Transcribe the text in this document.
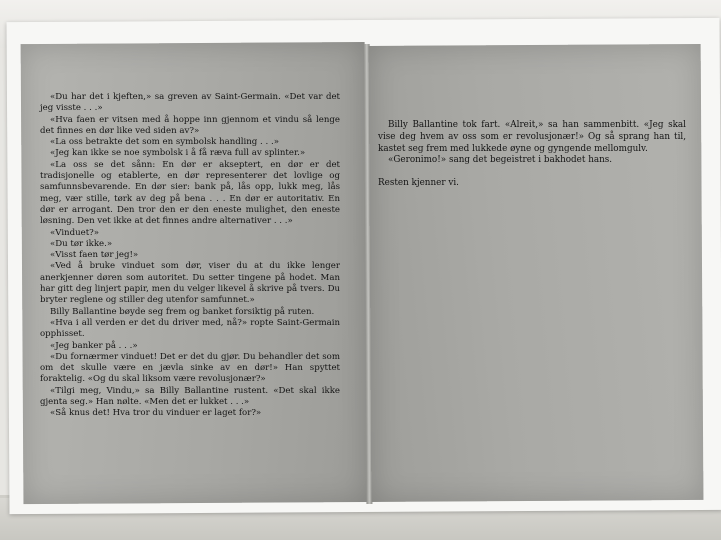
«Du har det i kjeften,» sa greven av Saint-Germain. «Det var det jeg visste . . .»

«Hva faen er vitsen med å hoppe inn gjennom et vindu så lenge det finnes en dør like ved siden av?»

«La oss betrakte det som en symbolsk handling . . .»

«Jeg kan ikke se noe symbolsk i å få ræva full av splinter.»

«La oss se det sånn: En dør er akseptert, en dør er det tradisjonelle og etablerte, en dør representerer det lovlige og samfunnsbevarende. En dør sier: bank på, lås opp, lukk meg, lås meg, vær stille, tørk av deg på bena . . . En dør er autoritativ. En dør er arrogant. Den tror den er den eneste mulighet, den eneste løsning. Den vet ikke at det finnes andre alternativer . . .»

«Vinduet?»

«Du tør ikke.»

«Visst faen tør jeg!»

«Ved å bruke vinduet som dør, viser du at du ikke lenger anerkjenner døren som autoritet. Du setter tingene på hodet. Man har gitt deg linjert papir, men du velger likevel å skrive på tvers. Du bryter reglene og stiller deg utenfor samfunnet.»

Billy Ballantine bøyde seg frem og banket forsiktig på ruten.

«Hva i all verden er det du driver med, nå?» ropte Saint-Germain opphisset.

«Jeg banker på . . .»

«Du fornærmer vinduet! Det er det du gjør. Du behandler det som om det skulle være en jævla sinke av en dør!» Han spyttet foraktelig. «Og du skal liksom være revolusjonær?»

«Tilgi meg, Vindu,» sa Billy Ballantine rustent. «Det skal ikke gjenta seg.» Han nølte. «Men det er lukket . . .»

«Så knus det! Hva tror du vinduer er laget for?»

Billy Ballantine tok fart. «Alreit,» sa han sammenbitt. «Jeg skal vise deg hvem av oss som er revolusjonær!» Og så sprang han til, kastet seg frem med lukkede øyne og gyngende mellomgulv.

«Geronimo!» sang det begeistret i bakhodet hans.

Resten kjenner vi.
